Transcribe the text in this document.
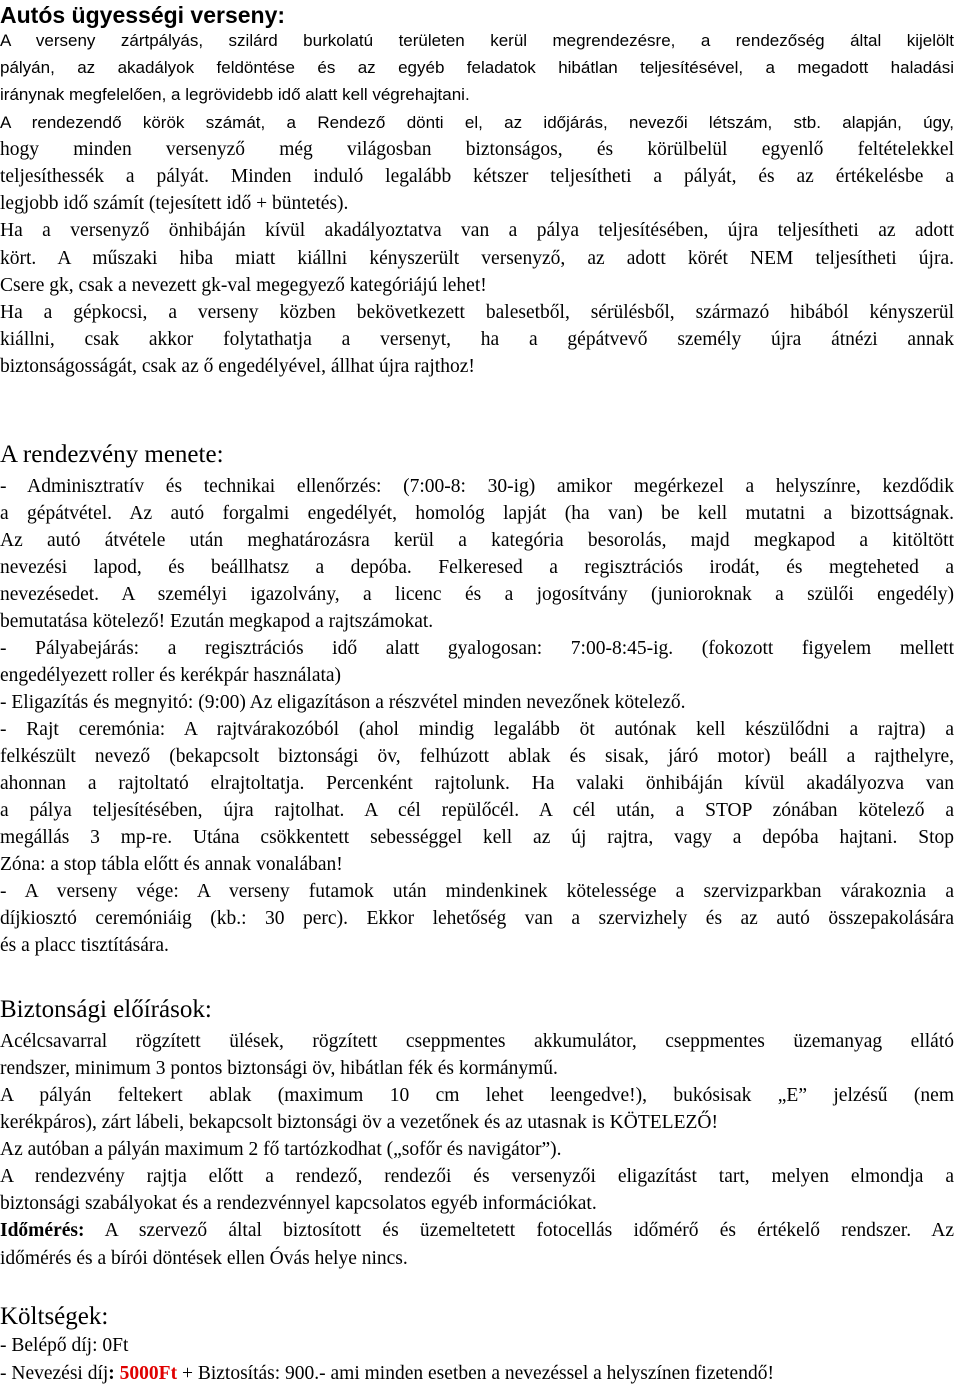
Autós ügyességi verseny:
A verseny zártpályás, szilárd burkolatú területen kerül megrendezésre, a rendezőség által kijelölt
pályán, az akadályok feldöntése és az egyéb feladatok hibátlan teljesítésével, a megadott haladási
iránynak megfelelően, a legrövidebb idő alatt kell végrehajtani.
A rendezendő körök számát, a Rendező dönti el, az időjárás, nevezői létszám, stb. alapján, úgy,
hogy minden versenyző még világosban biztonságos, és körülbelül egyenlő feltételekkel
teljesíthessék a pályát. Minden induló legalább kétszer teljesítheti a pályát, és az értékelésbe a
legjobb idő számít (tejesített idő + büntetés).
Ha a versenyző önhibáján kívül akadályoztatva van a pálya teljesítésében, újra teljesítheti az adott
kört. A műszaki hiba miatt kiállni kényszerült versenyző, az adott körét NEM teljesítheti újra.
Csere gk, csak a nevezett gk-val megegyező kategóriájú lehet!
Ha a gépkocsi, a verseny közben bekövetkezett balesetből, sérülésből, származó hibából kényszerül
kiállni, csak akkor folytathatja a versenyt, ha a gépátvevő személy újra átnézi annak
biztonságosságát, csak az ő engedélyével, állhat újra rajthoz!
A rendezvény menete:
- Adminisztratív és technikai ellenőrzés: (7:00-8: 30-ig) amikor megérkezel a helyszínre, kezdődik
a gépátvétel. Az autó forgalmi engedélyét, homológ lapját (ha van) be kell mutatni a bizottságnak.
Az autó átvétele után meghatározásra kerül a kategória besorolás, majd megkapod a kitöltött
nevezési lapod, és beállhatsz a depóba. Felkeresed a regisztrációs irodát, és megteheted a
nevezésedet. A személyi igazolvány, a licenc és a jogosítvány (junioroknak a szülői engedély)
bemutatása kötelező! Ezután megkapod a rajtszámokat.
- Pályabejárás: a regisztrációs idő alatt gyalogosan: 7:00-8:45-ig. (fokozott figyelem mellett
engedélyezett roller és kerékpár használata)
- Eligazítás és megnyitó: (9:00) Az eligazításon a részvétel minden nevezőnek kötelező.
- Rajt ceremónia: A rajtvárakozóból (ahol mindig legalább öt autónak kell készülődni a rajtra) a
felkészült nevező (bekapcsolt biztonsági öv, felhúzott ablak és sisak, járó motor) beáll a rajthelyre,
ahonnan a rajtoltató elrajtoltatja. Percenként rajtolunk. Ha valaki önhibáján kívül akadályozva van
a pálya teljesítésében, újra rajtolhat. A cél repülőcél. A cél után, a STOP zónában kötelező a
megállás 3 mp-re. Utána csökkentett sebességgel kell az új rajtra, vagy a depóba hajtani. Stop
Zóna: a stop tábla előtt és annak vonalában!
- A verseny vége: A verseny futamok után mindenkinek kötelessége a szervizparkban várakoznia a
díjkiosztó ceremóniáig (kb.: 30 perc). Ekkor lehetőség van a szervizhely és az autó összepakolására
és a placc tisztítására.
Biztonsági előírások:
Acélcsavarral rögzített ülések, rögzített cseppmentes akkumulátor, cseppmentes üzemanyag ellátó
rendszer, minimum 3 pontos biztonsági öv, hibátlan fék és kormánymű.
A pályán feltekert ablak (maximum 10 cm lehet leengedve!), bukósisak „E” jelzésű (nem
kerékpáros), zárt lábeli, bekapcsolt biztonsági öv a vezetőnek és az utasnak is KÖTELEZŐ!
Az autóban a pályán maximum 2 fő tartózkodhat („sofőr és navigátor”).
A rendezvény rajtja előtt a rendező, rendezői és versenyzői eligazítást tart, melyen elmondja a
biztonsági szabályokat és a rendezvénnyel kapcsolatos egyéb információkat.
Időmérés: A szervező által biztosított és üzemeltetett fotocellás időmérő és értékelő rendszer. Az
időmérés és a bírói döntések ellen Óvás helye nincs.
Költségek:
- Belépő díj: 0Ft
- Nevezési díj: 5000Ft + Biztosítás: 900.- ami minden esetben a nevezéssel a helyszínen fizetendő!
